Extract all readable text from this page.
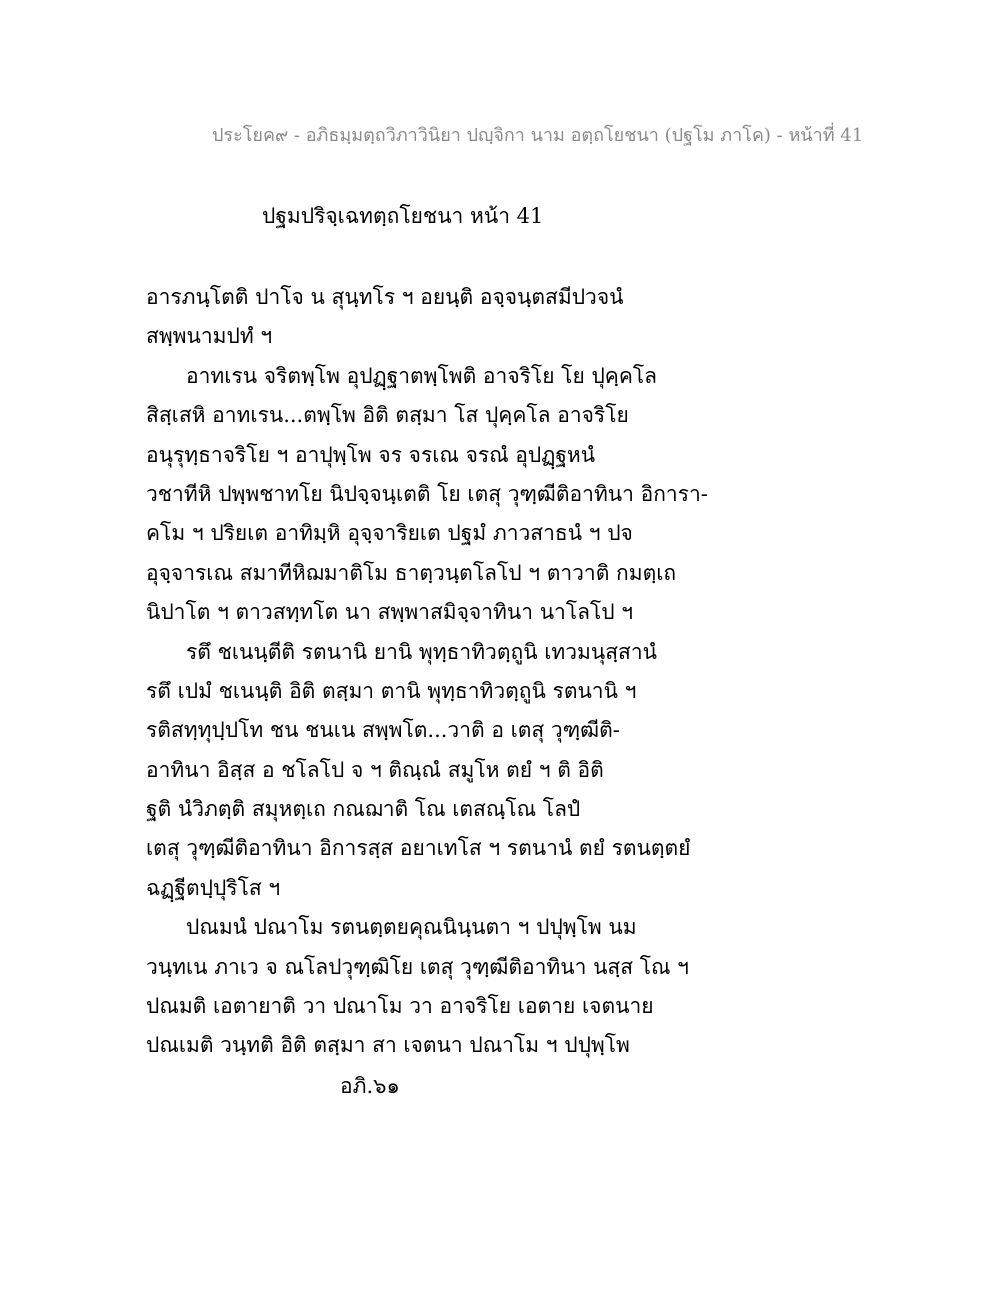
ประโยค๙ - อภิธมฺมตฺถวิภาวินิยา ปญฺจิกา นาม อตฺถโยชนา (ปฐโม ภาโค) - หน้าที่ 41
ปฐมปริจฺเฉทตฺถโยชนา หน้า 41
อารภนฺโตติ ปาโจ น สุนฺทโร ฯ อยนฺติ อจฺจนฺตสมีปวจนํ
สพฺพนามปทํ ฯ
อาทเรน จริตพฺโพ อุปฏฺฐาตพฺโพติ อาจริโย โย ปุคฺคโล
สิสฺเสหิ อาทเรน...ตพฺโพ อิติ ตสฺมา โส ปุคฺคโล อาจริโย
อนุรุทฺธาจริโย ฯ อาปุพฺโพ จร จรเณ จรณํ อุปฏฺฐหนํ
วชาทีหิ ปพฺพชาทโย นิปจฺจนฺเตติ โย เตสุ วุฑฺฒีติอาทินา อิการา-
คโม ฯ ปริยเต อาทิมฺหิ อุจฺจาริยเต ปฐมํ ภาวสาธนํ ฯ ปจ
อุจฺจารเณ สมาทีหิฌมาติโม ธาตฺวนฺตโลโป ฯ ตาวาติ กมตฺเถ
นิปาโต ฯ ตาวสทฺทโต นา สพฺพาสมิจฺจาทินา นาโลโป ฯ
รตึ ชเนนฺตีติ รตนานิ ยานิ พุทฺธาทิวตฺถูนิ เทวมนุสฺสานํ
รตึ เปมํ ชเนนฺติ อิติ ตสฺมา ตานิ พุทฺธาทิวตฺถูนิ รตนานิ ฯ
รติสทฺทุปฺปโท ชน ชนเน สพฺพโต...วาติ อ เตสุ วุฑฺฒีติ-
อาทินา อิสฺส อ ชโลโป จ ฯ ติณฺณํ สมูโห ตยํ ฯ ติ อิติ
ฐติ นํวิภตฺติ สมุหตฺเถ กณฌาติ โณ เตสณฺโณ โลปํ
เตสุ วุฑฺฒีติอาทินา อิการสฺส อยาเทโส ฯ รตนานํ ตยํ รตนตฺตยํ
ฉฏฺฐีตปฺปุริโส ฯ
ปณมนํ ปณาโม รตนตฺตยคุณนินฺนตา ฯ ปปุพฺโพ นม
วนฺทเน ภาเว จ ณโลปวุฑฺฒิโย เตสุ วุฑฺฒีติอาทินา นสฺส โณ ฯ
ปณมติ เอตายาติ วา ปณาโม วา อาจริโย เอตาย เจตนาย
ปณเมติ วนฺทติ อิติ ตสฺมา สา เจตนา ปณาโม ฯ ปปุพฺโพ
อภิ.๖๑
